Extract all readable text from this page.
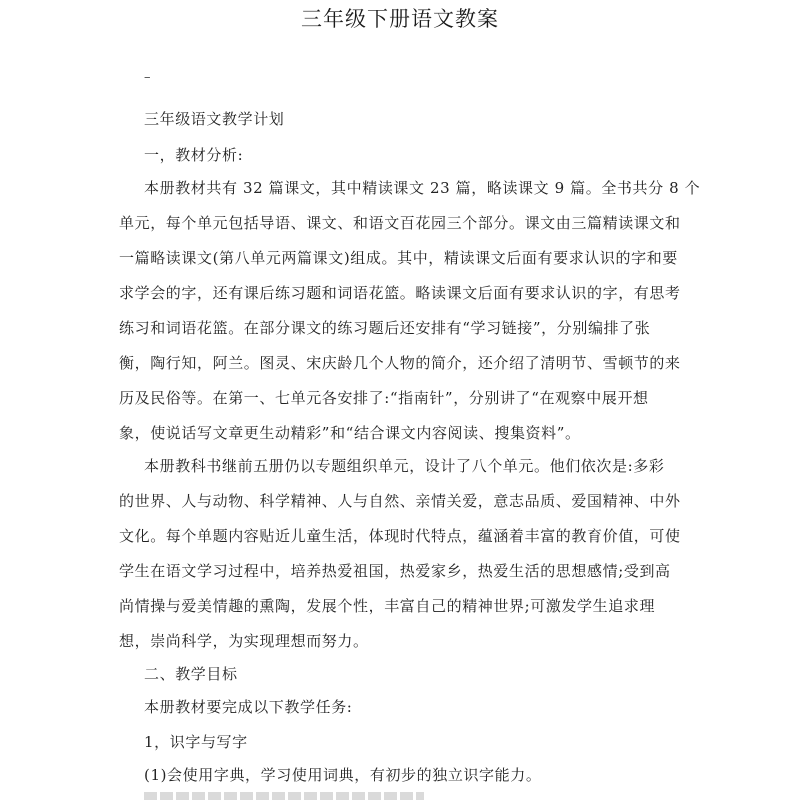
三年级下册语文教案
–
三年级语文教学计划
一，教材分析:
本册教材共有 32 篇课文，其中精读课文 23 篇，略读课文 9 篇。全书共分 8 个
单元，每个单元包括导语、课文、和语文百花园三个部分。课文由三篇精读课文和
一篇略读课文(第八单元两篇课文)组成。其中，精读课文后面有要求认识的字和要
求学会的字，还有课后练习题和词语花篮。略读课文后面有要求认识的字，有思考
练习和词语花篮。在部分课文的练习题后还安排有“学习链接”，分别编排了张
衡，陶行知，阿兰。图灵、宋庆龄几个人物的简介，还介绍了清明节、雪顿节的来
历及民俗等。在第一、七单元各安排了:“指南针”，分别讲了“在观察中展开想
象，使说话写文章更生动精彩”和“结合课文内容阅读、搜集资料”。
本册教科书继前五册仍以专题组织单元，设计了八个单元。他们依次是:多彩
的世界、人与动物、科学精神、人与自然、亲情关爱，意志品质、爱国精神、中外
文化。每个单题内容贴近儿童生活，体现时代特点，蕴涵着丰富的教育价值，可使
学生在语文学习过程中，培养热爱祖国，热爱家乡，热爱生活的思想感情;受到高
尚情操与爱美情趣的熏陶，发展个性，丰富自己的精神世界;可激发学生追求理
想，崇尚科学，为实现理想而努力。
二、教学目标
本册教材要完成以下教学任务:
1，识字与写字
(1)会使用字典，学习使用词典，有初步的独立识字能力。
